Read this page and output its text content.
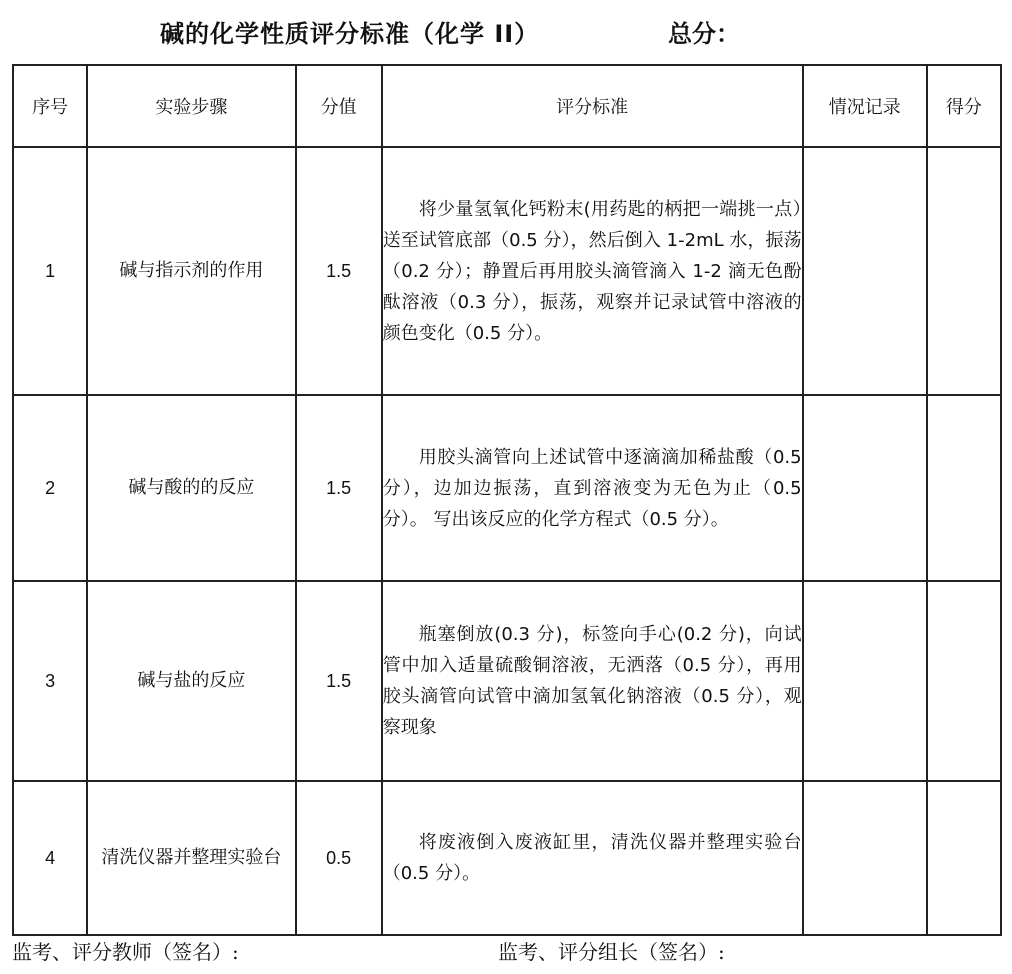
碱的化学性质评分标准（化学 II）	总分：
序号	实验步骤	分值	评分标准	情况记录	得分
1	碱与指示剂的作用	1.5	将少量氢氧化钙粉末(用药匙的柄把一端挑一点）送至试管底部（0.5 分），然后倒入 1-2mL 水，振荡（0.2 分）；静置后再用胶头滴管滴入 1-2 滴无色酚酞溶液（0.3 分），振荡，观察并记录试管中溶液的颜色变化（0.5 分）。		
2	碱与酸的的反应	1.5	用胶头滴管向上述试管中逐滴滴加稀盐酸（0.5 分），边加边振荡，直到溶液变为无色为止（0.5 分）。 写出该反应的化学方程式（0.5 分）。		
3	碱与盐的反应	1.5	瓶塞倒放(0.3 分)，标签向手心(0.2 分)，向试管中加入适量硫酸铜溶液，无洒落（0.5 分），再用胶头滴管向试管中滴加氢氧化钠溶液（0.5 分），观察现象		
4	清洗仪器并整理实验台	0.5	将废液倒入废液缸里，清洗仪器并整理实验台（0.5 分）。		
监考、评分教师（签名）:	监考、评分组长（签名）:
